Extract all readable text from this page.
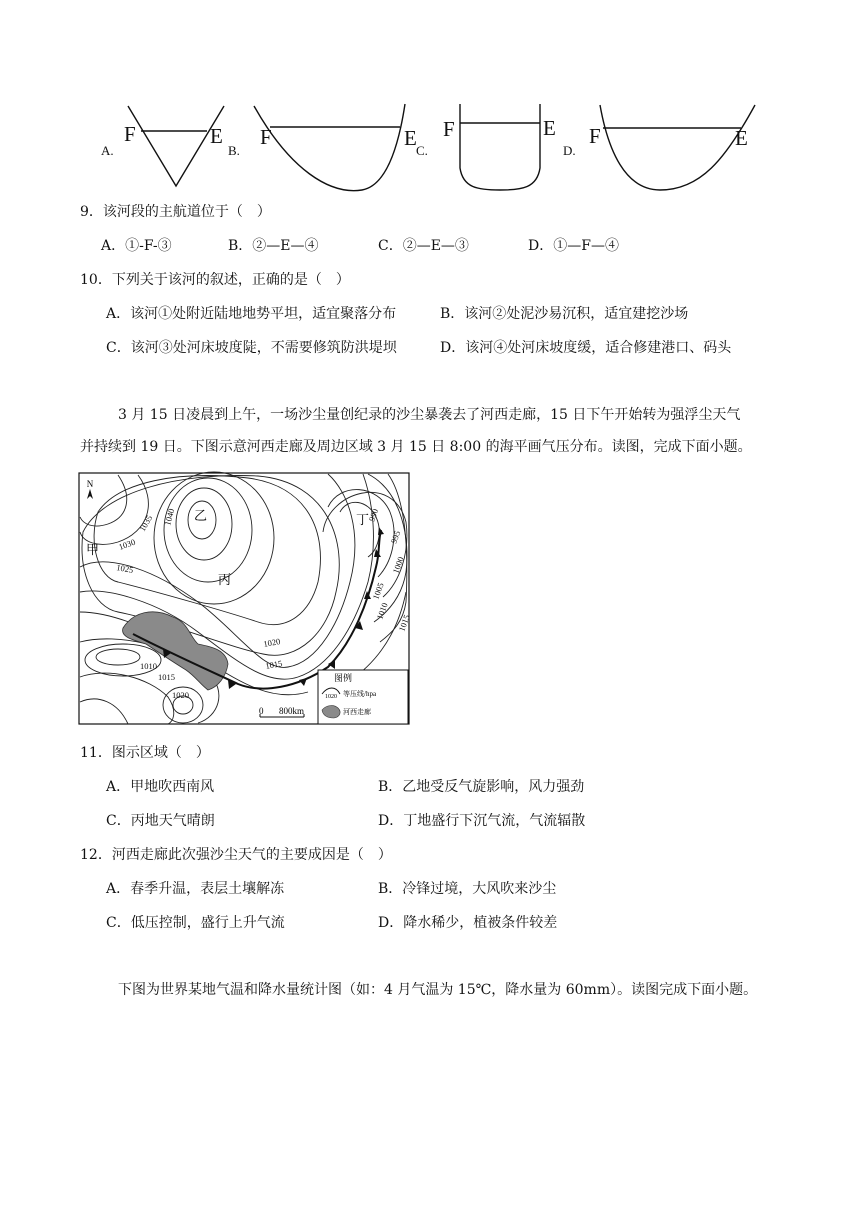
A.
F	E
B.
F	E
C.
F	E
D.
F	E
9．该河段的主航道位于（　）
A．①-F-③	B．②—E—④	C．②—E—③	D．①—F—④
10．下列关于该河的叙述，正确的是（　）
A．该河①处附近陆地地势平坦，适宜聚落分布	B．该河②处泥沙易沉积，适宜建挖沙场
C．该河③处河床坡度陡，不需要修筑防洪堤坝	D．该河④处河床坡度缓，适合修建港口、码头
3 月 15 日凌晨到上午，一场沙尘量创纪录的沙尘暴袭去了河西走廊，15 日下午开始转为强浮尘天气
并持续到 19 日。下图示意河西走廊及周边区域 3 月 15 日 8:00 的海平画气压分布。读图，完成下面小题。
N
乙
甲
丙
丁
1040
1035
1030
1025
1020
1015
1010
1015
1020
990
995
1000
1005
1010
1015
0 800km
图例
1020 等压线/hpa
河西走廊
11．图示区域（　）
A．甲地吹西南风	B．乙地受反气旋影响，风力强劲
C．丙地天气晴朗	D．丁地盛行下沉气流，气流辐散
12．河西走廊此次强沙尘天气的主要成因是（　）
A．春季升温，表层土壤解冻	B．冷锋过境，大风吹来沙尘
C．低压控制，盛行上升气流	D．降水稀少，植被条件较差
下图为世界某地气温和降水量统计图（如：4 月气温为 15℃，降水量为 60mm）。读图完成下面小题。
